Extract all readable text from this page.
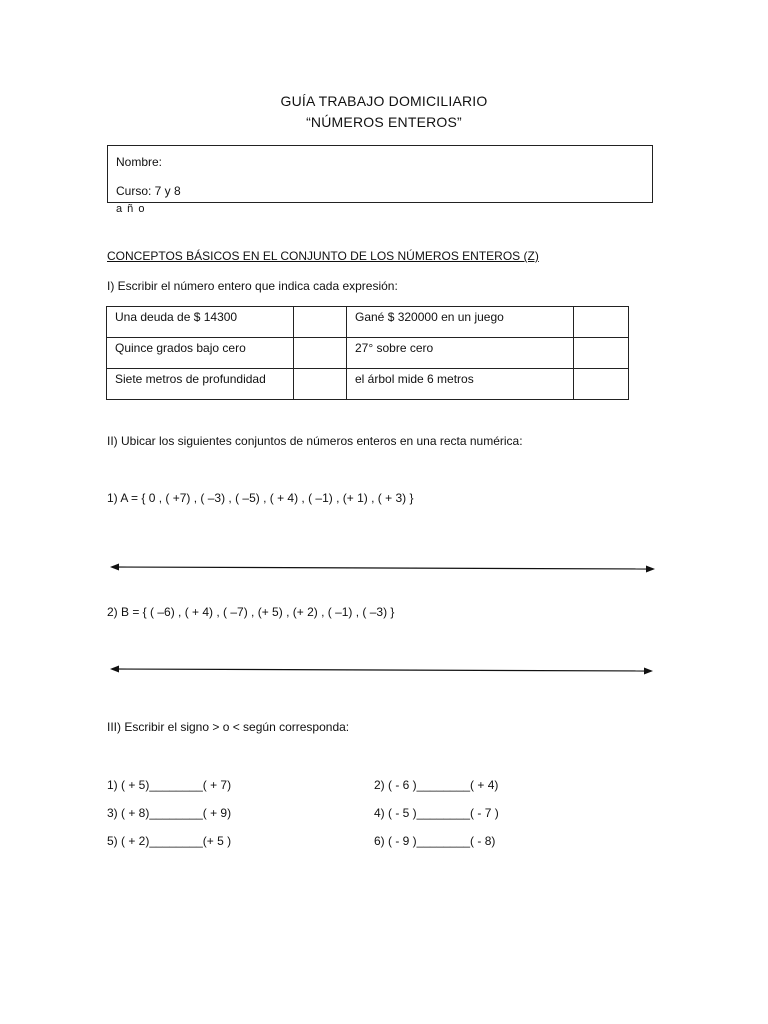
GUÍA TRABAJO DOMICILIARIO
“NÚMEROS ENTEROS”
Nombre:
Curso: 7 y 8
a ñ o
CONCEPTOS BÁSICOS EN EL CONJUNTO DE LOS NÚMEROS ENTEROS (Z)
I) Escribir el número entero que indica cada expresión:
Una deuda de $ 14300		Gané $ 320000 en un juego	
Quince grados bajo cero		27° sobre cero	
Siete metros de profundidad		el árbol mide 6 metros	
II) Ubicar los siguientes conjuntos de números enteros en una recta numérica:
1) A = { 0 , ( +7) , ( –3) , ( –5) , ( + 4) , ( –1) , (+ 1) , ( + 3) }
2) B = { ( –6) , ( + 4) , ( –7) , (+ 5) , (+ 2) , ( –1) , ( –3) }
III) Escribir el signo > o < según corresponda:
1) ( + 5)________( + 7)	2) ( - 6 )________( + 4)
3) ( + 8)________( + 9)	4) ( - 5 )________( - 7 )
5) ( + 2)________(+ 5 )	6) ( - 9 )________( - 8)
